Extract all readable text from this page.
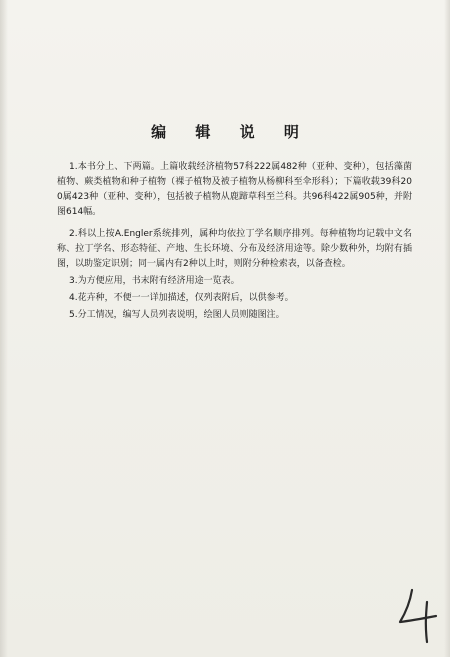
编 辑 说 明

1.本书分上、下两篇。上篇收载经济植物57科222属482种（亚种、变种），包括藻菌植物、蕨类植物和种子植物（裸子植物及被子植物从杨柳科至伞形科）；下篇收载39科200属423种（亚种、变种），包括被子植物从鹿蹄草科至兰科。共96科422属905种，并附图614幅。

2.科以上按A.Engler系统排列，属种均依拉丁学名顺序排列。每种植物均记载中文名称、拉丁学名、形态特征、产地、生长环境、分布及经济用途等。除少数种外，均附有插图，以助鉴定识别；同一属内有2种以上时，则附分种检索表，以备查检。

3.为方便应用，书末附有经济用途一览表。

4.花卉种，不便一一详加描述，仅列表附后，以供参考。

5.分工情况，编写人员列表说明，绘图人员则随图注。
